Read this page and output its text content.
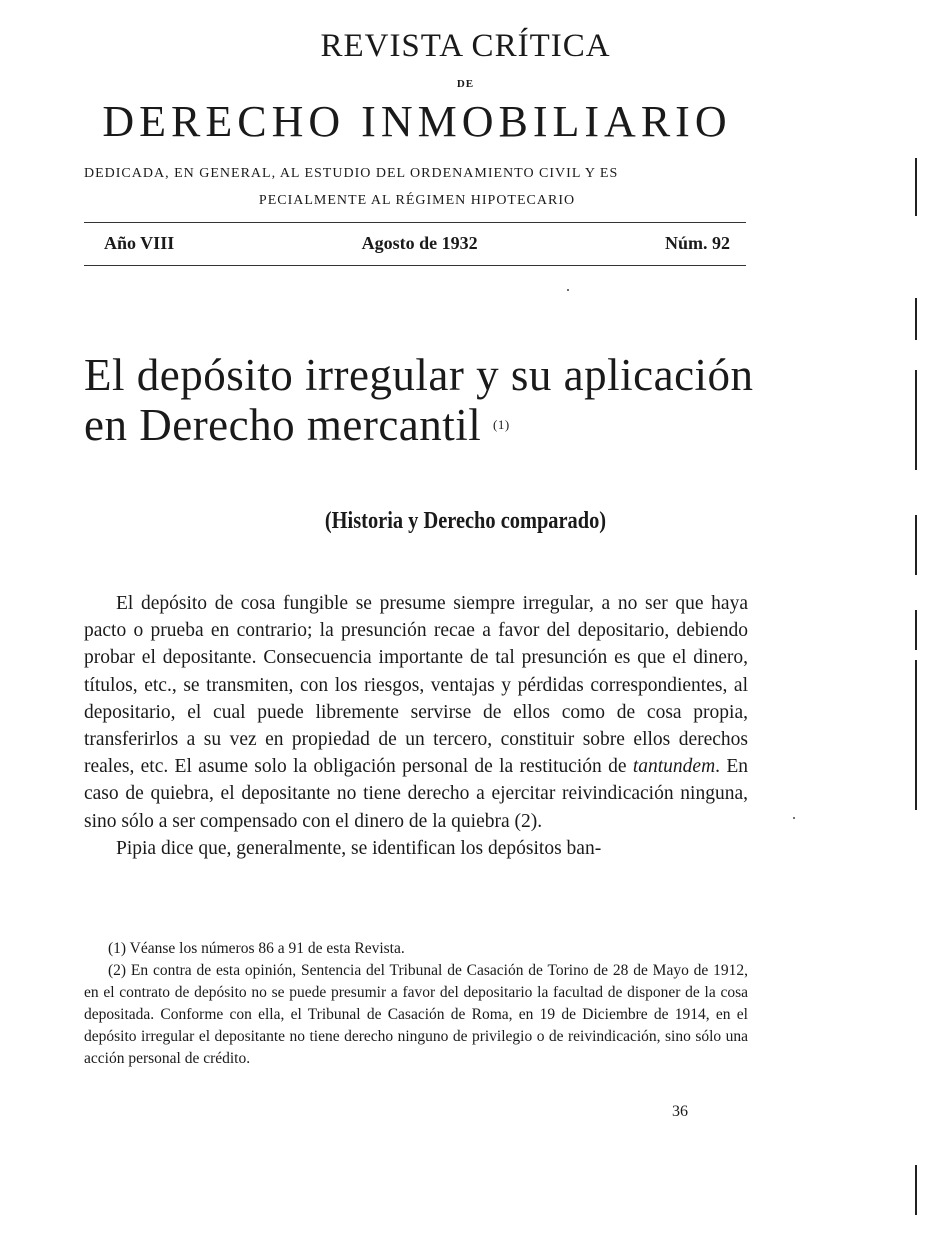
REVISTA CRÍTICA
DE
DERECHO INMOBILIARIO
DEDICADA, EN GENERAL, AL ESTUDIO DEL ORDENAMIENTO CIVIL Y ES
PECIALMENTE AL RÉGIMEN HIPOTECARIO
Año VIII	Agosto de 1932	Núm. 92
El depósito irregular y su aplicación en Derecho mercantil $^{(1)}$
(Historia y Derecho comparado)

El depósito de cosa fungible se presume siempre irregular, a no ser que haya pacto o prueba en contrario; la presunción recae a favor del depositario, debiendo probar el depositante. Consecuencia importante de tal presunción es que el dinero, títulos, etc., se transmiten, con los riesgos, ventajas y pérdidas correspondientes, al depositario, el cual puede libremente servirse de ellos como de cosa propia, transferirlos a su vez en propiedad de un tercero, constituir sobre ellos derechos reales, etc. El asume solo la obligación personal de la restitución de tantundem. En caso de quiebra, el depositante no tiene derecho a ejercitar reivindicación ninguna, sino sólo a ser compensado con el dinero de la quiebra (2).

Pipia dice que, generalmente, se identifican los depósitos ban-

(1) Véanse los números 86 a 91 de esta Revista.

(2) En contra de esta opinión, Sentencia del Tribunal de Casación de Torino de 28 de Mayo de 1912, en el contrato de depósito no se puede presumir a favor del depositario la facultad de disponer de la cosa depositada. Conforme con ella, el Tribunal de Casación de Roma, en 19 de Diciembre de 1914, en el depósito irregular el depositante no tiene derecho ninguno de privilegio o de reivindicación, sino sólo una acción personal de crédito.

36
